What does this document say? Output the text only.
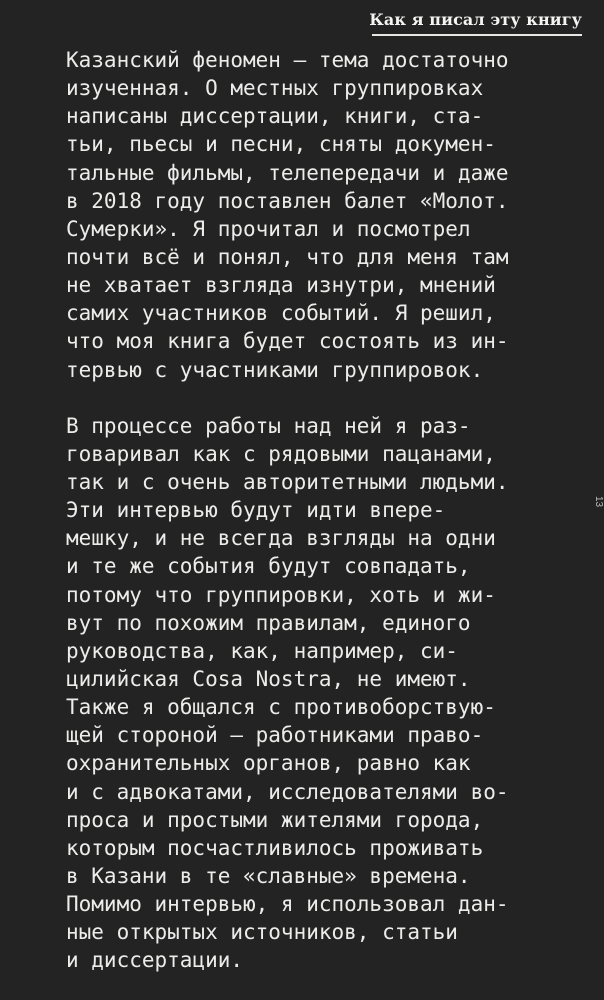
Как я писал эту книгу
Казанский феномен — тема достаточно
изученная. О местных группировках
написаны диссертации, книги, ста-
тьи, пьесы и песни, сняты докумен-
тальные фильмы, телепередачи и даже
в 2018 году поставлен балет «Молот.
Сумерки». Я прочитал и посмотрел
почти всё и понял, что для меня там
не хватает взгляда изнутри, мнений
самих участников событий. Я решил,
что моя книга будет состоять из ин-
тервью с участниками группировок.
В процессе работы над ней я раз-
говаривал как с рядовыми пацанами,
так и с очень авторитетными людьми.
Эти интервью будут идти впере-
мешку, и не всегда взгляды на одни
и те же события будут совпадать,
потому что группировки, хоть и жи-
вут по похожим правилам, единого
руководства, как, например, си-
цилийская Cosa Nostra, не имеют.
Также я общался с противоборствую-
щей стороной — работниками право-
охранительных органов, равно как
и с адвокатами, исследователями во-
проса и простыми жителями города,
которым посчастливилось проживать
в Казани в те «славные» времена.
Помимо интервью, я использовал дан-
ные открытых источников, статьи
и диссертации.
13
